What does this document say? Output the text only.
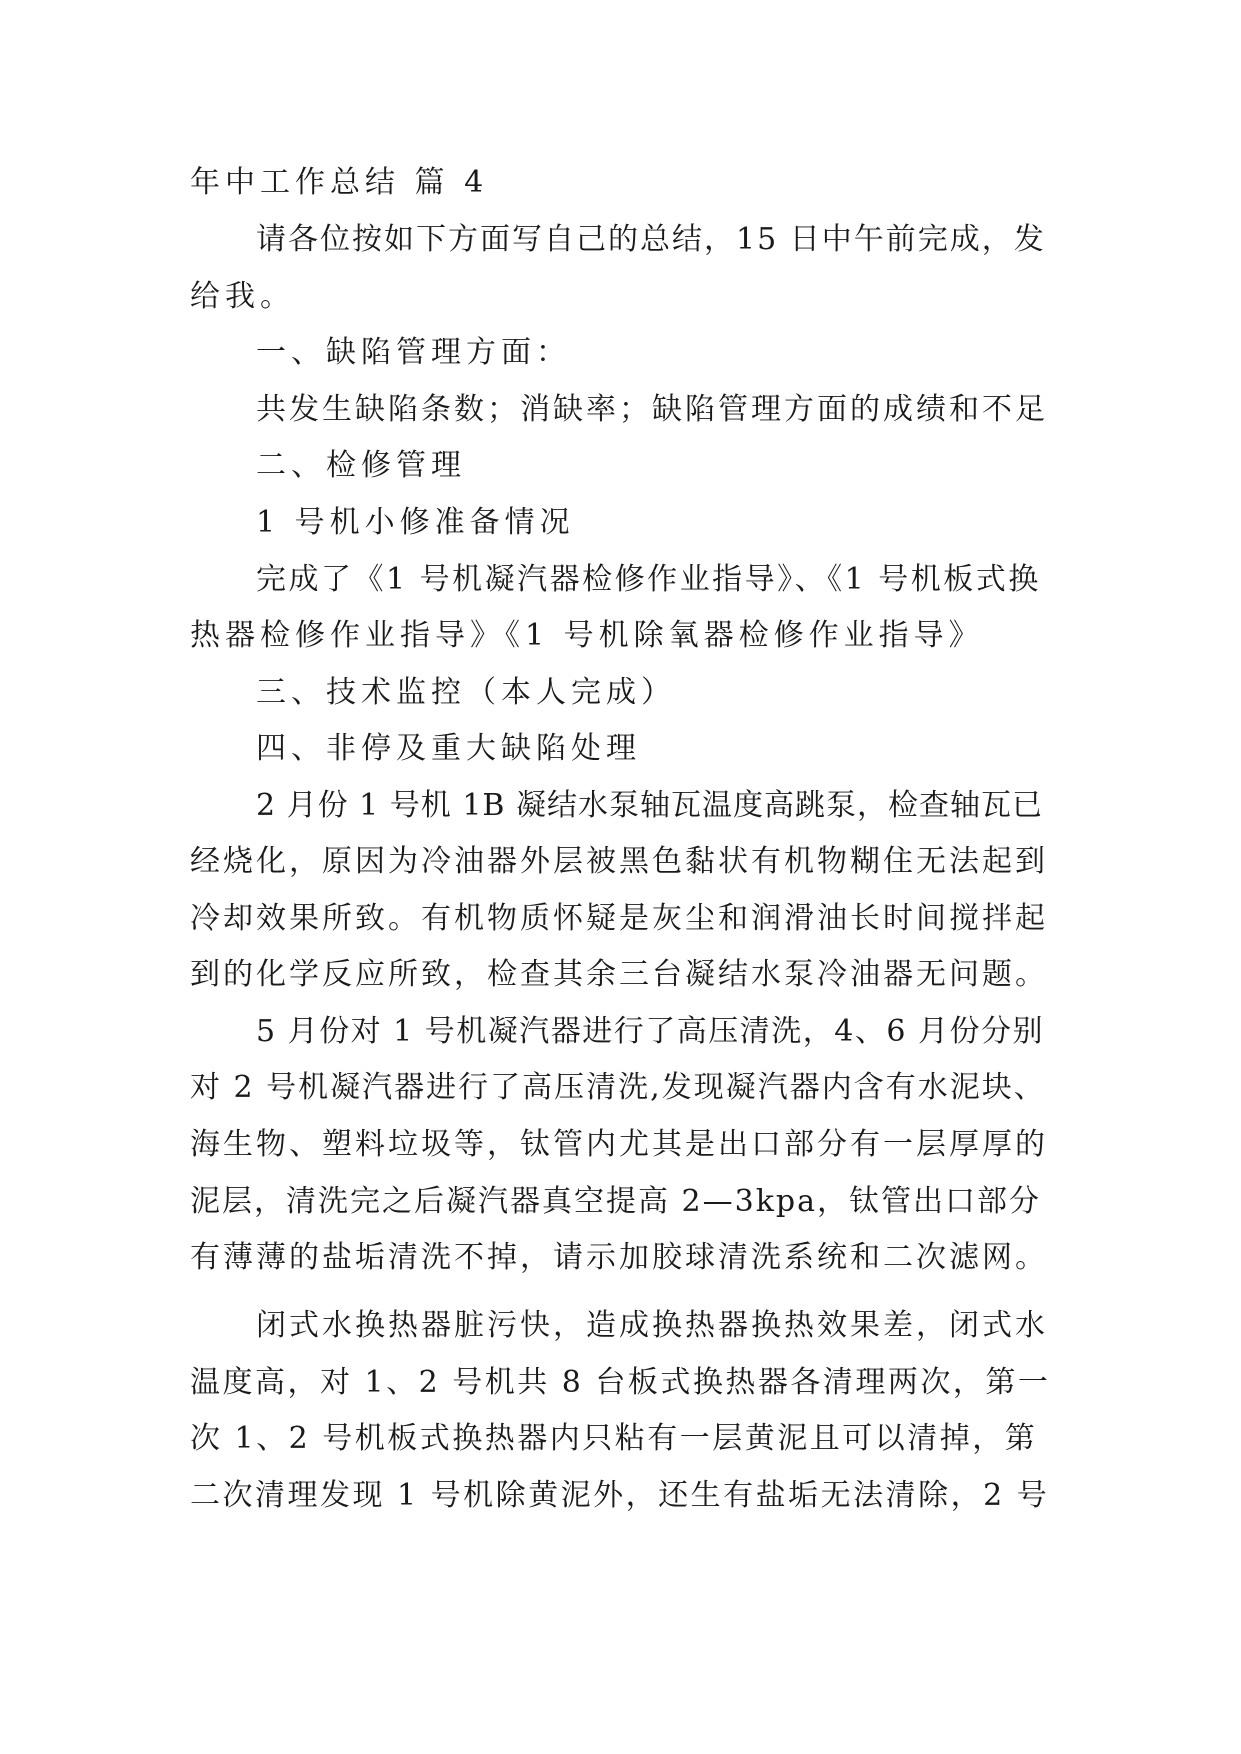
年中工作总结 篇 4
请各位按如下方面写自己的总结，15 日中午前完成，发
给我。
一、缺陷管理方面：
共发生缺陷条数；消缺率；缺陷管理方面的成绩和不足
二、检修管理
1 号机小修准备情况
完成了《1 号机凝汽器检修作业指导》、《1 号机板式换
热器检修作业指导》《1 号机除氧器检修作业指导》
三、技术监控（本人完成）
四、非停及重大缺陷处理
2 月份 1 号机 1B 凝结水泵轴瓦温度高跳泵，检查轴瓦已
经烧化，原因为冷油器外层被黑色黏状有机物糊住无法起到
冷却效果所致。有机物质怀疑是灰尘和润滑油长时间搅拌起
到的化学反应所致，检查其余三台凝结水泵冷油器无问题。
5 月份对 1 号机凝汽器进行了高压清洗，4、6 月份分别
对 2 号机凝汽器进行了高压清洗,发现凝汽器内含有水泥块、
海生物、塑料垃圾等，钛管内尤其是出口部分有一层厚厚的
泥层，清洗完之后凝汽器真空提高 2—3kpa，钛管出口部分
有薄薄的盐垢清洗不掉，请示加胶球清洗系统和二次滤网。
闭式水换热器脏污快，造成换热器换热效果差，闭式水
温度高，对 1、2 号机共 8 台板式换热器各清理两次，第一
次 1、2 号机板式换热器内只粘有一层黄泥且可以清掉，第
二次清理发现 1 号机除黄泥外，还生有盐垢无法清除，2 号
